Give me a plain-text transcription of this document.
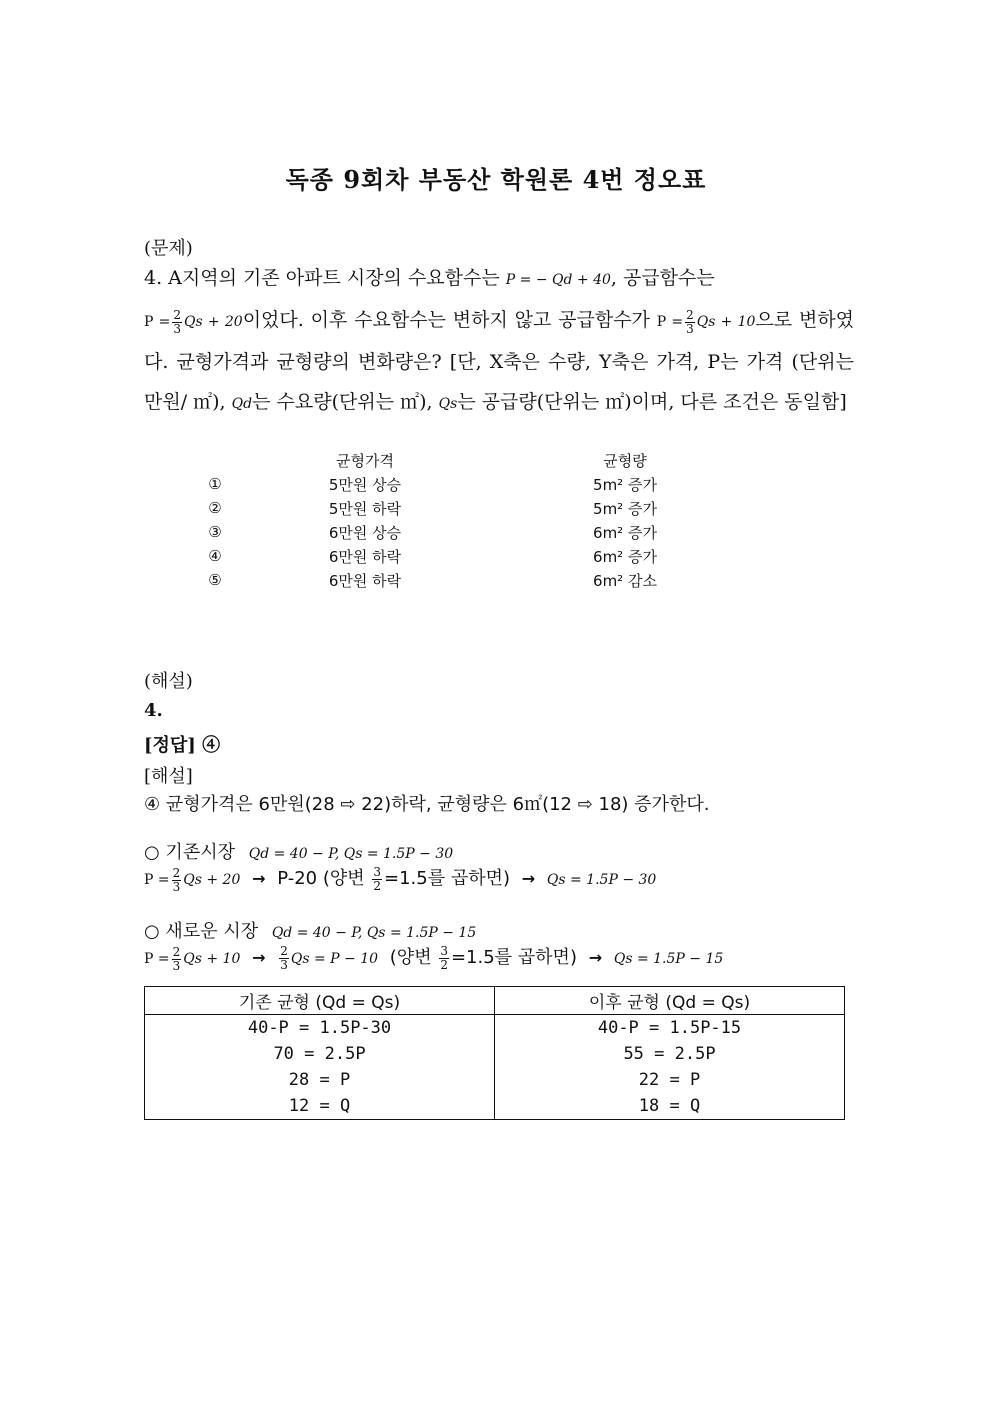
독종 9회차 부동산 학원론 4번 정오표
(문제)
4. A지역의 기존 아파트 시장의 수요함수는 P = − Qd + 40, 공급함수는
$P = \frac{2}{3}$ Qs + 20이었다. 이후 수요함수는 변하지 않고 공급함수가 $P = \frac{2}{3}$ Qs + 10으로 변하였다. 균형가격과 균형량의 변화량은? [단, X축은 수량, Y축은 가격, P는 가격 (단위는 만원/ ㎡), Qd는 수요량(단위는 ㎡), Qs는 공급량(단위는 ㎡)이며, 다른 조건은 동일함]
	균형가격	균형량
①	5만원 상승	5m² 증가
②	5만원 하락	5m² 증가
③	6만원 상승	6m² 증가
④	6만원 하락	6m² 증가
⑤	6만원 하락	6m² 감소
(해설)
4.
[정답] ④
[해설]
④ 균형가격은 6만원(28 ⇨ 22)하락, 균형량은 6㎡(12 ⇨ 18) 증가한다.
○ 기존시장 Qd = 40 − P, Qs = 1.5P − 30
$P = \frac{2}{3}$ Qs + 20 → P-20 (양변 $\frac{3}{2} =1.5$를 곱하면) → Qs = 1.5P − 30
○ 새로운 시장 Qd = 40 − P, Qs = 1.5P − 15
$P = \frac{2}{3}$ $Qs + 10 \to \frac{2}{3}$ Qs = P − 10 (양변 $\frac{3}{2} =1.5$를 곱하면) → Qs = 1.5P − 15
기존 균형 (Qd = Qs)	이후 균형 (Qd = Qs)
40-P = 1.5P-30	40-P = 1.5P-15
70 = 2.5P	55 = 2.5P
28 = P	22 = P
12 = Q	18 = Q
